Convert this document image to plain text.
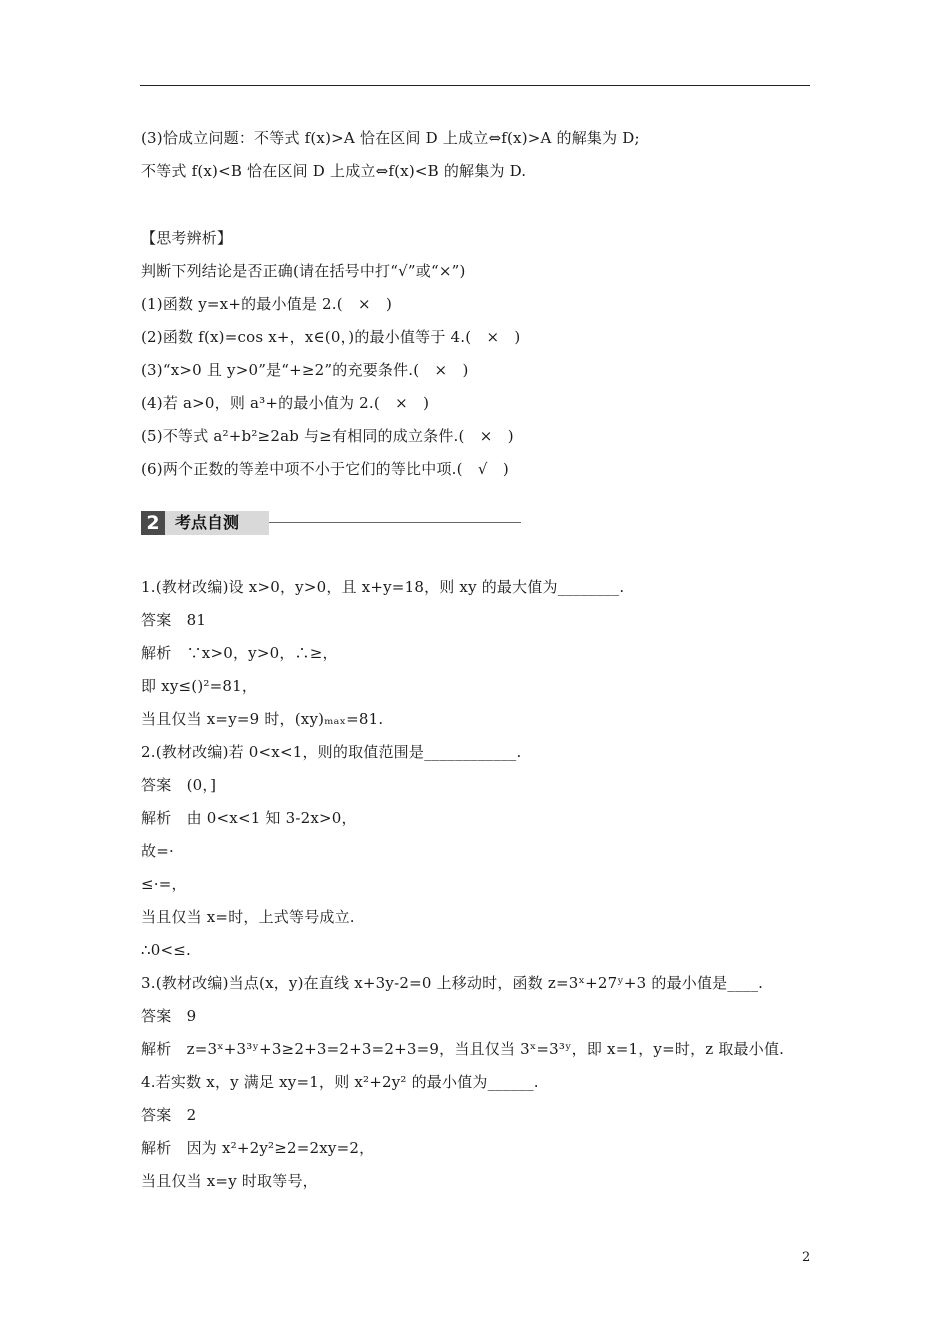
(3)恰成立问题：不等式 f(x)>A 恰在区间 D 上成立⇔f(x)>A 的解集为 D;
不等式 f(x)<B 恰在区间 D 上成立⇔f(x)<B 的解集为 D.
【思考辨析】
判断下列结论是否正确(请在括号中打“√”或“×”)
(1)函数 y=x+的最小值是 2.(　×　)
(2)函数 f(x)=cos x+，x∈(0，)的最小值等于 4.(　×　)
(3)“x>0 且 y>0”是“+≥2”的充要条件.(　×　)
(4)若 a>0，则 a³+的最小值为 2.(　×　)
(5)不等式 a²+b²≥2ab 与≥有相同的成立条件.(　×　)
(6)两个正数的等差中项不小于它们的等比中项.(　√　)
1.(教材改编)设 x>0，y>0，且 x+y=18，则 xy 的最大值为________.
答案　81
解析　∵x>0，y>0，∴≥，
即 xy≤()²=81，
当且仅当 x=y=9 时，(xy)ₘₐₓ=81.
2.(教材改编)若 0<x<1，则的取值范围是____________.
答案　(0，]
解析　由 0<x<1 知 3-2x>0，
故=·
≤·=，
当且仅当 x=时，上式等号成立.
∴0<≤.
3.(教材改编)当点(x，y)在直线 x+3y-2=0 上移动时，函数 z=3ˣ+27ʸ+3 的最小值是____.
答案　9
解析　z=3ˣ+3³ʸ+3≥2+3=2+3=2+3=9，当且仅当 3ˣ=3³ʸ，即 x=1，y=时，z 取最小值.
4.若实数 x，y 满足 xy=1，则 x²+2y² 的最小值为______.
答案　2
解析　因为 x²+2y²≥2=2xy=2，
当且仅当 x=y 时取等号，
2 考点自测
2
